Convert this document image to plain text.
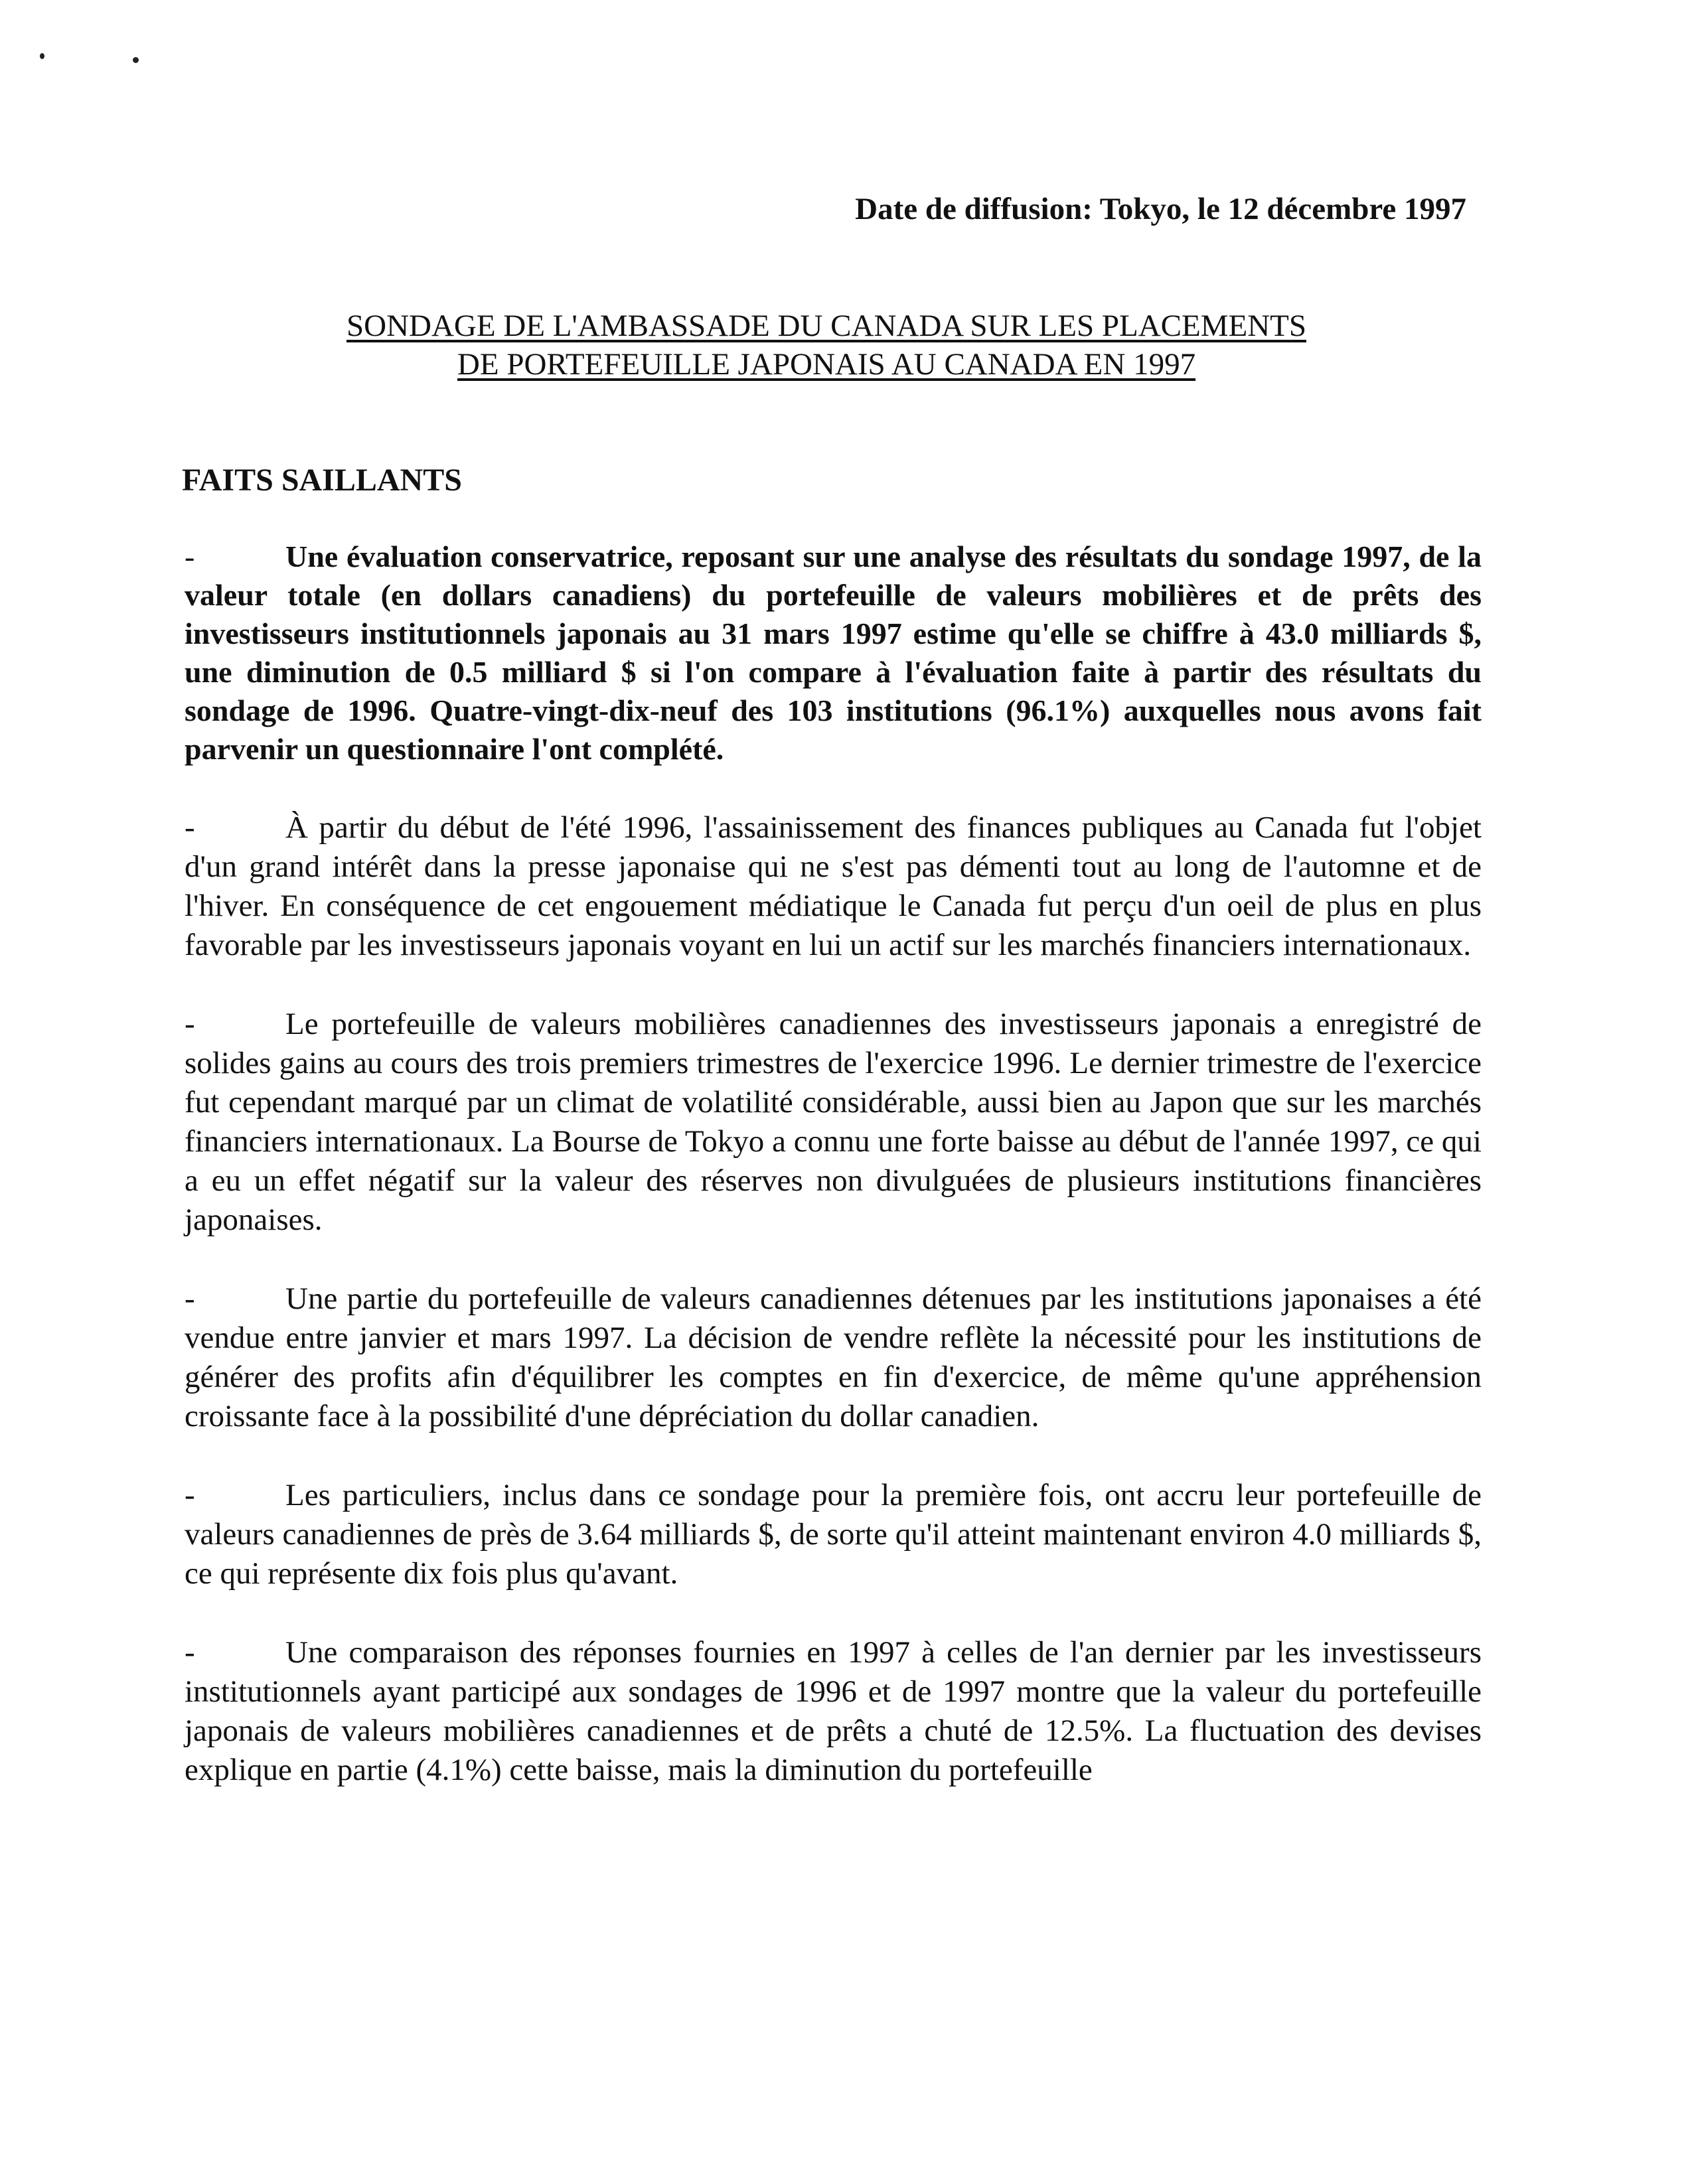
Date de diffusion: Tokyo, le 12 décembre 1997
SONDAGE DE L'AMBASSADE DU CANADA SUR LES PLACEMENTS
DE PORTEFEUILLE JAPONAIS AU CANADA EN 1997
FAITS SAILLANTS

-	Une évaluation conservatrice, reposant sur une analyse des résultats du sondage 1997, de la valeur totale (en dollars canadiens) du portefeuille de valeurs mobilières et de prêts des investisseurs institutionnels japonais au 31 mars 1997 estime qu'elle se chiffre à 43.0 milliards $, une diminution de 0.5 milliard $ si l'on compare à l'évaluation faite à partir des résultats du sondage de 1996. Quatre-vingt-dix-neuf des 103 institutions (96.1%) auxquelles nous avons fait parvenir un questionnaire l'ont complété.

-	À partir du début de l'été 1996, l'assainissement des finances publiques au Canada fut l'objet d'un grand intérêt dans la presse japonaise qui ne s'est pas démenti tout au long de l'automne et de l'hiver. En conséquence de cet engouement médiatique le Canada fut perçu d'un oeil de plus en plus favorable par les investisseurs japonais voyant en lui un actif sur les marchés financiers internationaux.

-	Le portefeuille de valeurs mobilières canadiennes des investisseurs japonais a enregistré de solides gains au cours des trois premiers trimestres de l'exercice 1996. Le dernier trimestre de l'exercice fut cependant marqué par un climat de volatilité considérable, aussi bien au Japon que sur les marchés financiers internationaux. La Bourse de Tokyo a connu une forte baisse au début de l'année 1997, ce qui a eu un effet négatif sur la valeur des réserves non divulguées de plusieurs institutions financières japonaises.

-	Une partie du portefeuille de valeurs canadiennes détenues par les institutions japonaises a été vendue entre janvier et mars 1997. La décision de vendre reflète la nécessité pour les institutions de générer des profits afin d'équilibrer les comptes en fin d'exercice, de même qu'une appréhension croissante face à la possibilité d'une dépréciation du dollar canadien.

-	Les particuliers, inclus dans ce sondage pour la première fois, ont accru leur portefeuille de valeurs canadiennes de près de 3.64 milliards $, de sorte qu'il atteint maintenant environ 4.0 milliards $, ce qui représente dix fois plus qu'avant.

-	Une comparaison des réponses fournies en 1997 à celles de l'an dernier par les investisseurs institutionnels ayant participé aux sondages de 1996 et de 1997 montre que la valeur du portefeuille japonais de valeurs mobilières canadiennes et de prêts a chuté de 12.5%. La fluctuation des devises explique en partie (4.1%) cette baisse, mais la diminution du portefeuille
